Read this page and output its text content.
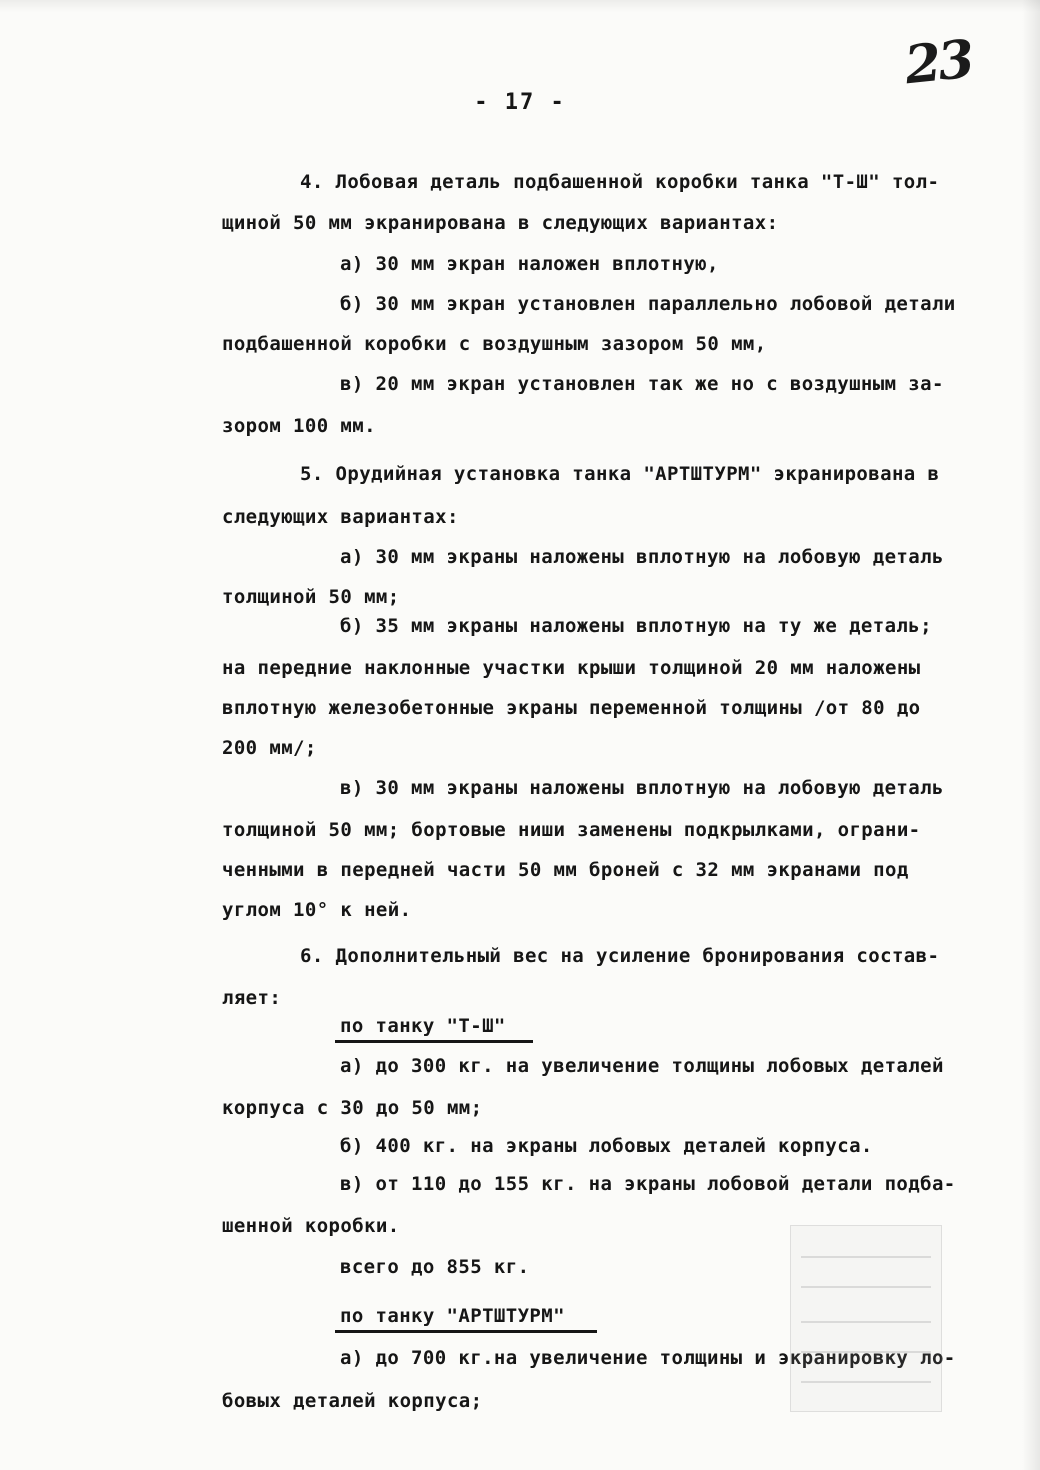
23
- 17 -
4. Лобовая деталь подбашенной коробки танка "Т-Ш" тол-
щиной 50 мм экранирована в следующих вариантах:
а) 30 мм экран наложен вплотную,
б) 30 мм экран установлен параллельно лобовой детали
подбашенной коробки с воздушным зазором 50 мм,
в) 20 мм экран установлен так же но с воздушным за-
зором 100 мм.
5. Орудийная установка танка "АРТШТУРМ" экранирована в
следующих вариантах:
а) 30 мм экраны наложены вплотную на лобовую деталь
толщиной 50 мм;
б) 35 мм экраны наложены вплотную на ту же деталь;
на передние наклонные участки крыши толщиной 20 мм наложены
вплотную железобетонные экраны переменной толщины /от 80 до
200 мм/;
в) 30 мм экраны наложены вплотную на лобовую деталь
толщиной 50 мм; бортовые ниши заменены подкрылками, ограни-
ченными в передней части 50 мм броней с 32 мм экранами под
углом 10° к ней.
6. Дополнительный вес на усиление бронирования состав-
ляет:
по танку "Т-Ш"
а) до 300 кг. на увеличение толщины лобовых деталей
корпуса с 30 до 50 мм;
б) 400 кг. на экраны лобовых деталей корпуса.
в) от 110 до 155 кг. на экраны лобовой детали подба-
шенной коробки.
всего до 855 кг.
по танку "АРТШТУРМ"
а) до 700 кг.на увеличение толщины и экранировку ло-
бовых деталей корпуса;
